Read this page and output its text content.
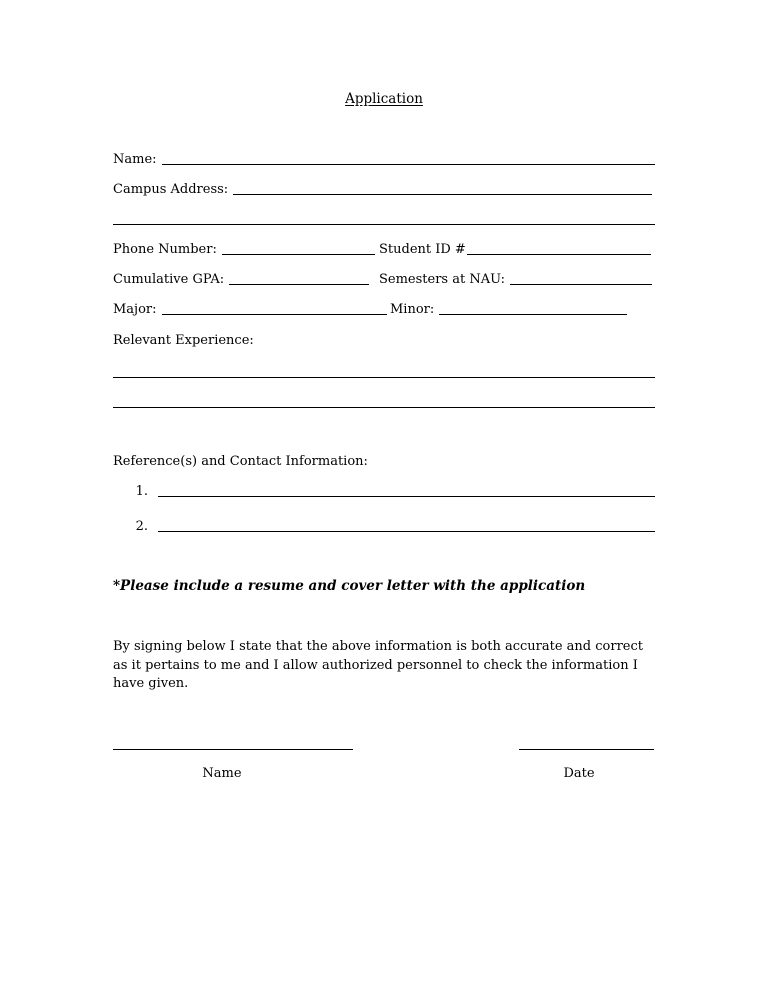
Application
Name:
Campus Address:
Phone Number:	Student ID #
Cumulative GPA:	Semesters at NAU:
Major:	Minor:
Relevant Experience:
Reference(s) and Contact Information:
1.
2.
*Please include a resume and cover letter with the application
By signing below I state that the above information is both accurate and correct as it pertains to me and I allow authorized personnel to check the information I have given.
Name	Date
